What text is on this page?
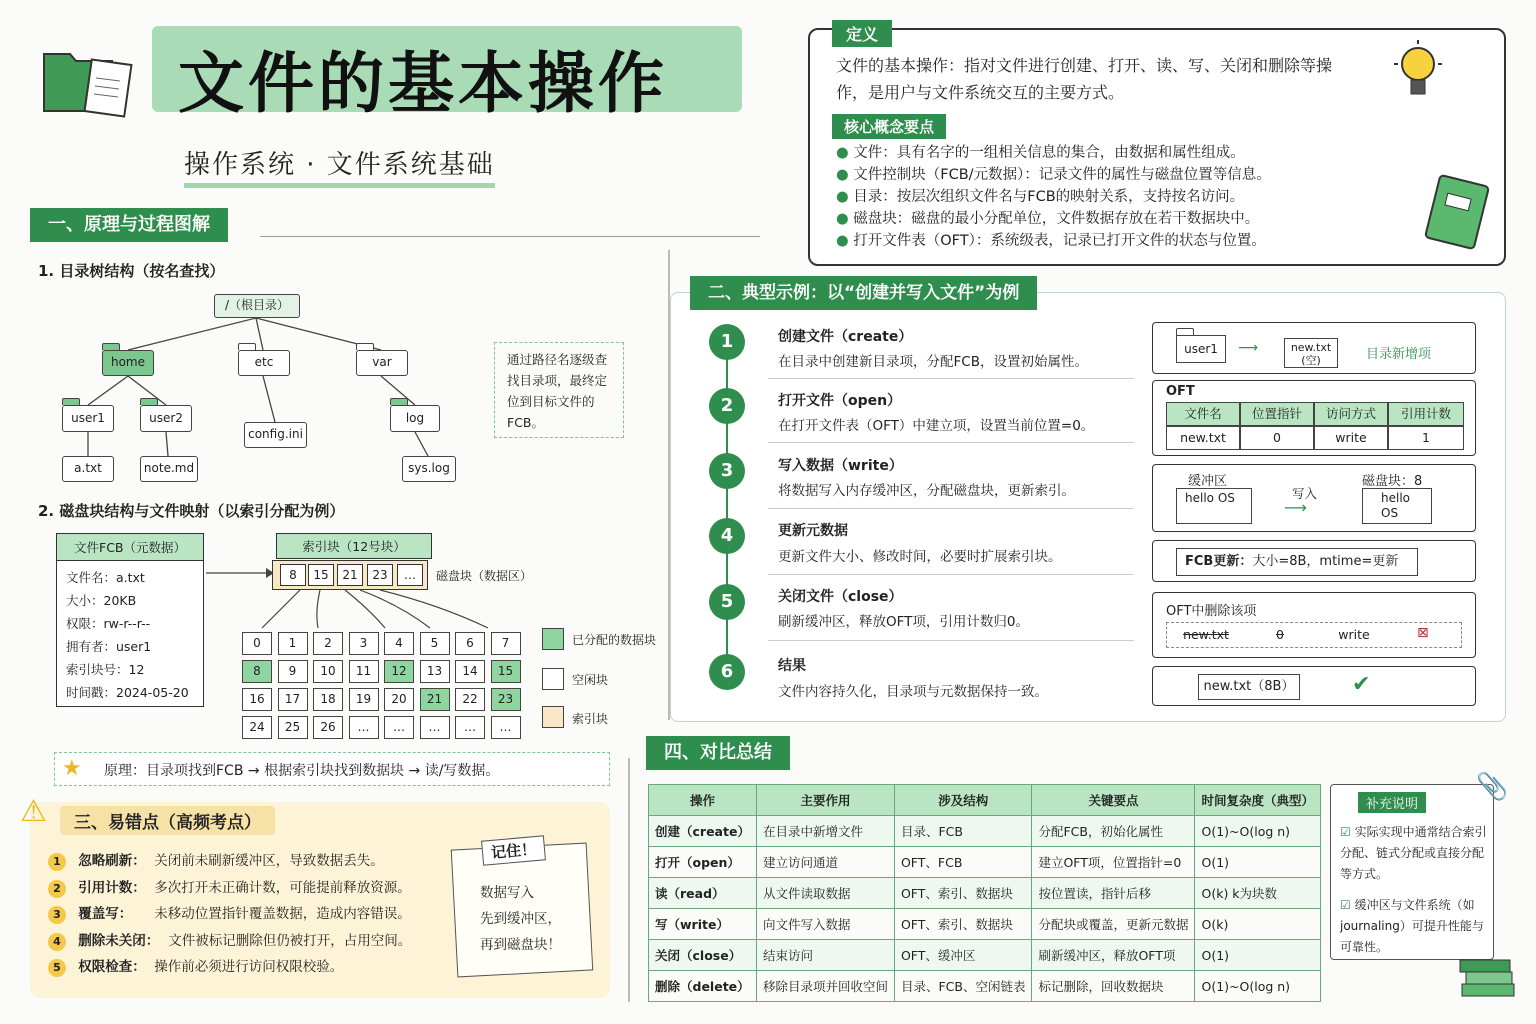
文件的基本操作
操作系统 · 文件系统基础
定义
文件的基本操作：指对文件进行创建、打开、读、写、关闭和删除等操作，是用户与文件系统交互的主要方式。
核心概念要点
● 文件：具有名字的一组相关信息的集合，由数据和属性组成。
● 文件控制块（FCB/元数据）：记录文件的属性与磁盘位置等信息。
● 目录：按层次组织文件名与FCB的映射关系，支持按名访问。
● 磁盘块：磁盘的最小分配单位，文件数据存放在若干数据块中。
● 打开文件表（OFT）：系统级表，记录已打开文件的状态与位置。
一、原理与过程图解
1. 目录树结构（按名查找）
/（根目录）
home	etc	var
user1	user2
config.ini
log
a.txt	note.md	sys.log
通过路径名逐级查找目录项，最终定位到目标文件的FCB。
2. 磁盘块结构与文件映射（以索引分配为例）
文件FCB（元数据）
文件名：a.txt
大小：20KB
权限：rw-r--r--
拥有者：user1
索引块号：12
时间戳：2024-05-20
索引块（12号块）
8	15	21	23	…	磁盘块（数据区）
0	1	2	3	4	5	6	7
8	9	10	11	12	13	14	15
16	17	18	19	20	21	22	23
24	25	26	…	…	…	…	…
已分配的数据块
空闲块
索引块
★ 原理：目录项找到FCB → 根据索引块找到数据块 → 读/写数据。
二、典型示例：以“创建并写入文件”为例
1	创建文件（create）
在目录中创建新目录项，分配FCB，设置初始属性。
2	打开文件（open）
在打开文件表（OFT）中建立项，设置当前位置=0。
3	写入数据（write）
将数据写入内存缓冲区，分配磁盘块，更新索引。
4	更新元数据
更新文件大小、修改时间，必要时扩展索引块。
5	关闭文件（close）
刷新缓冲区，释放OFT项，引用计数归0。
6	结果
文件内容持久化，目录项与元数据保持一致。
user1	⟶	new.txt
(空)	目录新增项
OFT
文件名	位置指针	访问方式	引用计数
new.txt	0	write	1
缓冲区
hello OS	写入
⟶
磁盘块：8
hello OS
FCB更新：大小=8B，mtime=更新
OFT中删除该项
new.txt	0	write	⊠
new.txt（8B）	✔
⚠	三、易错点（高频考点）
1 忽略刷新： 关闭前未刷新缓冲区，导致数据丢失。
2 引用计数： 多次打开未正确计数，可能提前释放资源。
3 覆盖写： 未移动位置指针覆盖数据，造成内容错误。
4 删除未关闭： 文件被标记删除但仍被打开，占用空间。
5 权限检查： 操作前必须进行访问权限校验。
记住！
数据写入
先到缓冲区，
再到磁盘块！
四、对比总结
操作	主要作用	涉及结构	关键要点	时间复杂度（典型）
创建（create）	在目录中新增文件	目录、FCB	分配FCB，初始化属性	O(1)~O(log n)
打开（open）	建立访问通道	OFT、FCB	建立OFT项，位置指针=0	O(1)
读（read）	从文件读取数据	OFT、索引、数据块	按位置读，指针后移	O(k) k为块数
写（write）	向文件写入数据	OFT、索引、数据块	分配块或覆盖，更新元数据	O(k)
关闭（close）	结束访问	OFT、缓冲区	刷新缓冲区，释放OFT项	O(1)
删除（delete）	移除目录项并回收空间	目录、FCB、空闲链表	标记删除，回收数据块	O(1)~O(log n)
📎
补充说明
☑ 实际实现中通常结合索引分配、链式分配或直接分配等方式。
☑ 缓冲区与文件系统（如 journaling）可提升性能与可靠性。
